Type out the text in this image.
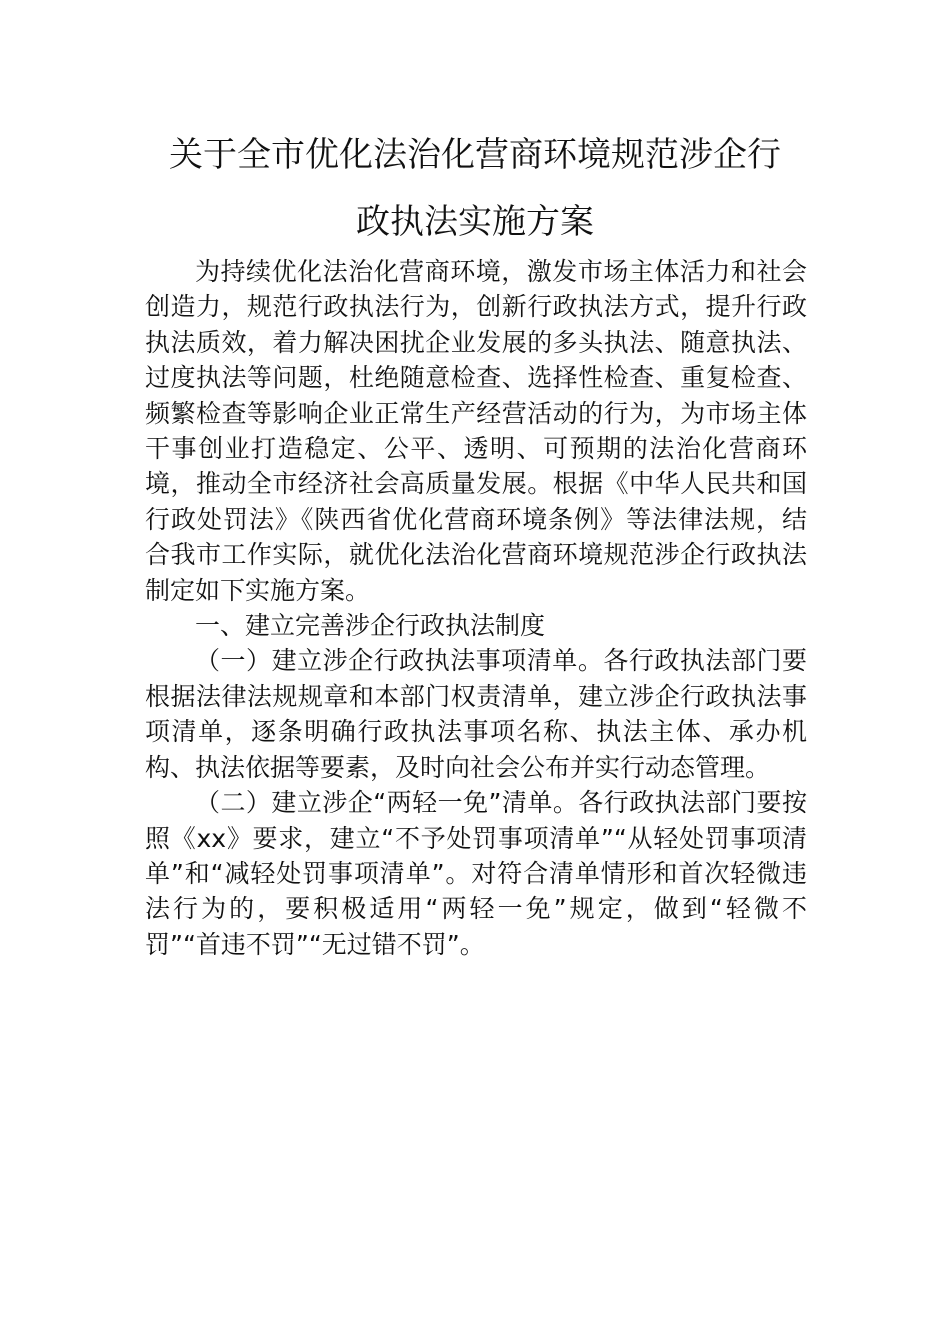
关于全市优化法治化营商环境规范涉企行
政执法实施方案

为持续优化法治化营商环境，激发市场主体活力和社会创造力，规范行政执法行为，创新行政执法方式，提升行政执法质效，着力解决困扰企业发展的多头执法、随意执法、过度执法等问题，杜绝随意检查、选择性检查、重复检查、频繁检查等影响企业正常生产经营活动的行为，为市场主体干事创业打造稳定、公平、透明、可预期的法治化营商环境，推动全市经济社会高质量发展。根据《中华人民共和国行政处罚法》《陕西省优化营商环境条例》等法律法规，结合我市工作实际，就优化法治化营商环境规范涉企行政执法制定如下实施方案。

一、建立完善涉企行政执法制度

（一）建立涉企行政执法事项清单。各行政执法部门要根据法律法规规章和本部门权责清单，建立涉企行政执法事项清单，逐条明确行政执法事项名称、执法主体、承办机构、执法依据等要素，及时向社会公布并实行动态管理。

（二）建立涉企“两轻一免”清单。各行政执法部门要按照《xx》要求，建立“不予处罚事项清单”“从轻处罚事项清单”和“减轻处罚事项清单”。对符合清单情形和首次轻微违法行为的，要积极适用“两轻一免”规定，做到“轻微不罚”“首违不罚”“无过错不罚”。
